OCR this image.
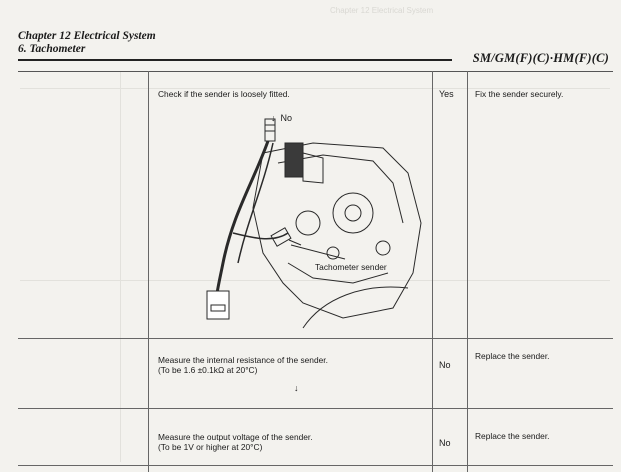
Chapter 12 Electrical System
Chapter 12 Electrical System
6. Tachometer
SM/GM(F)(C)·HM(F)(C)
Check if the sender is loosely fitted.
↓ No
Yes	Fix the sender securely.
Tachometer sender
Measure the internal resistance of the sender.
(To be 1.6 ±0.1kΩ at 20°C)
↓
No
Replace the sender.
Measure the output voltage of the sender.
(To be 1V or higher at 20°C)	No
Replace the sender.
